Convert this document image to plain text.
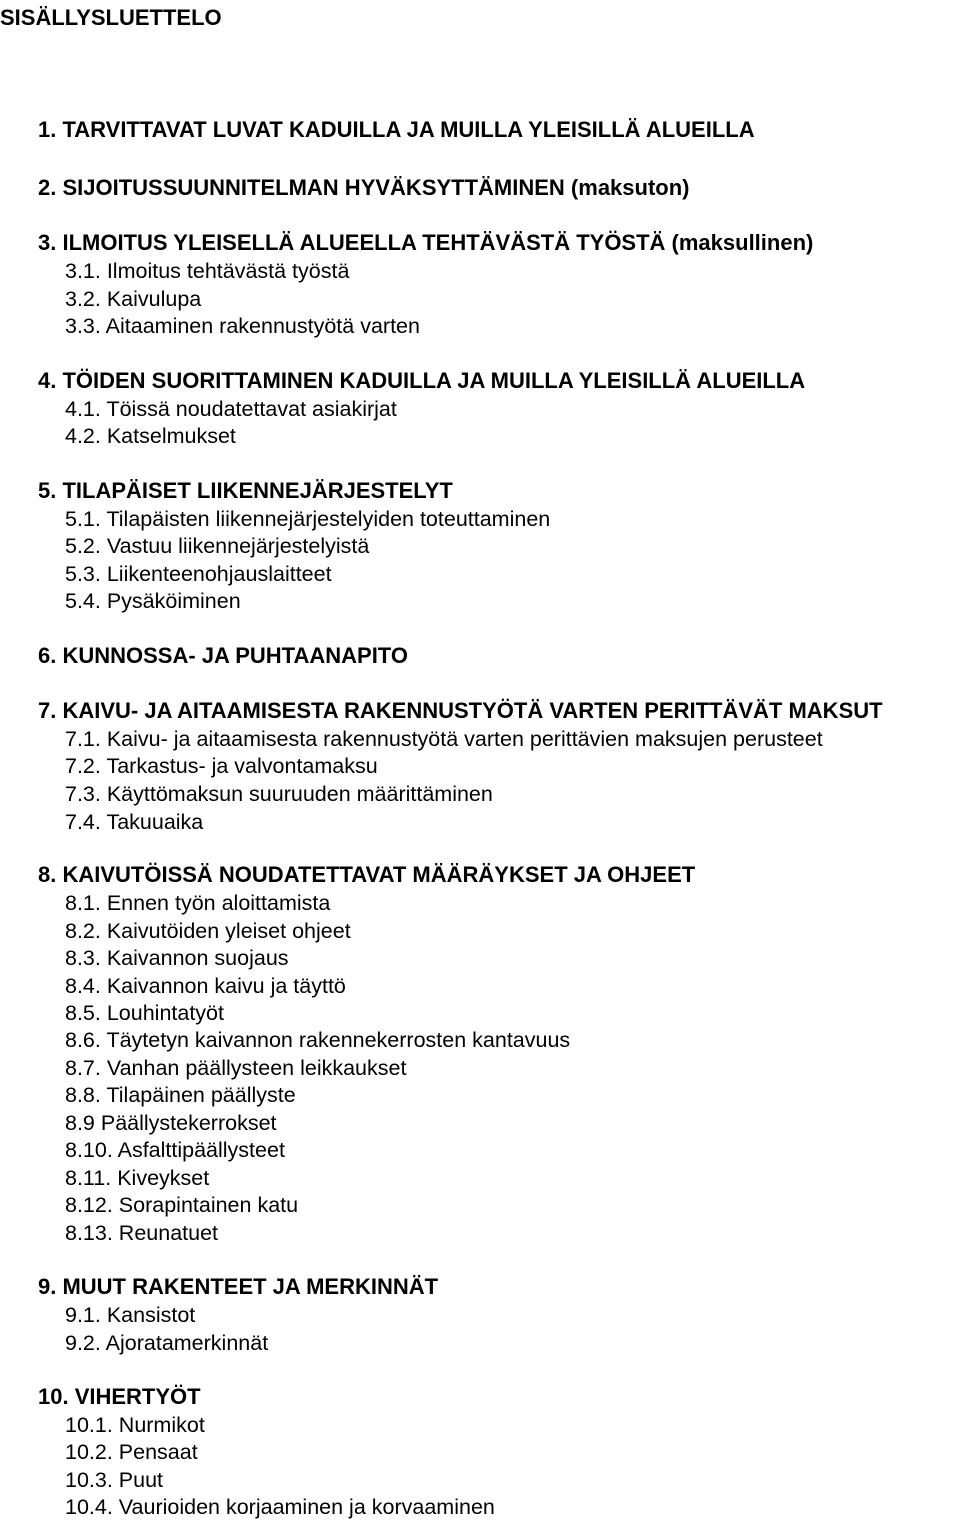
SISÄLLYSLUETTELO
1. TARVITTAVAT LUVAT KADUILLA JA MUILLA YLEISILLÄ ALUEILLA
2. SIJOITUSSUUNNITELMAN HYVÄKSYTTÄMINEN (maksuton)
3. ILMOITUS YLEISELLÄ ALUEELLA TEHTÄVÄSTÄ TYÖSTÄ (maksullinen)
3.1. Ilmoitus tehtävästä työstä
3.2. Kaivulupa
3.3. Aitaaminen rakennustyötä varten
4. TÖIDEN SUORITTAMINEN KADUILLA JA MUILLA YLEISILLÄ ALUEILLA
4.1. Töissä noudatettavat asiakirjat
4.2. Katselmukset
5. TILAPÄISET LIIKENNEJÄRJESTELYT
5.1. Tilapäisten liikennejärjestelyiden toteuttaminen
5.2. Vastuu liikennejärjestelyistä
5.3. Liikenteenohjauslaitteet
5.4. Pysäköiminen
6. KUNNOSSA- JA PUHTAANAPITO
7. KAIVU- JA AITAAMISESTA RAKENNUSTYÖTÄ VARTEN PERITTÄVÄT MAKSUT
7.1. Kaivu- ja aitaamisesta rakennustyötä varten perittävien maksujen perusteet
7.2. Tarkastus- ja valvontamaksu
7.3. Käyttömaksun suuruuden määrittäminen
7.4. Takuuaika
8. KAIVUTÖISSÄ NOUDATETTAVAT MÄÄRÄYKSET JA OHJEET
8.1. Ennen työn aloittamista
8.2. Kaivutöiden yleiset ohjeet
8.3. Kaivannon suojaus
8.4. Kaivannon kaivu ja täyttö
8.5. Louhintatyöt
8.6. Täytetyn kaivannon rakennekerrosten kantavuus
8.7. Vanhan päällysteen leikkaukset
8.8. Tilapäinen päällyste
8.9 Päällystekerrokset
8.10. Asfalttipäällysteet
8.11. Kiveykset
8.12. Sorapintainen katu
8.13. Reunatuet
9. MUUT RAKENTEET JA MERKINNÄT
9.1. Kansistot
9.2. Ajoratamerkinnät
10. VIHERTYÖT
10.1. Nurmikot
10.2. Pensaat
10.3. Puut
10.4. Vaurioiden korjaaminen ja korvaaminen
